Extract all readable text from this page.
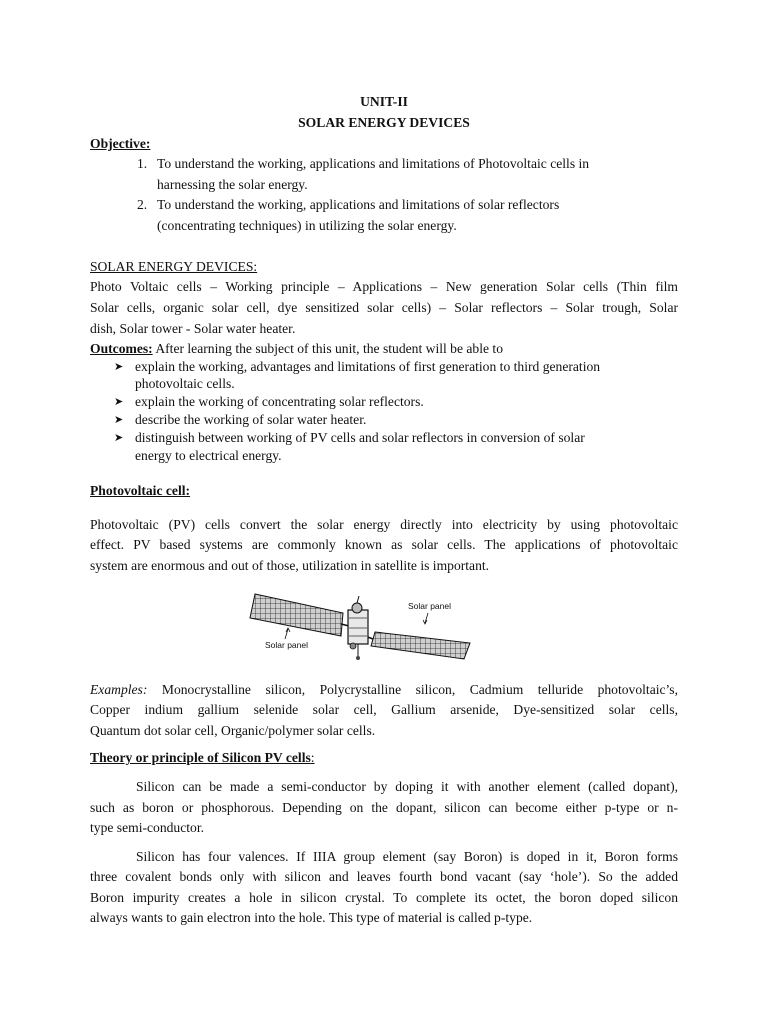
UNIT-II
SOLAR ENERGY DEVICES
Objective:
1. To understand the working, applications and limitations of Photovoltaic cells in
harnessing the solar energy.
2. To understand the working, applications and limitations of solar reflectors
(concentrating techniques) in utilizing the solar energy.
SOLAR ENERGY DEVICES:
Photo Voltaic cells – Working principle – Applications – New generation Solar cells (Thin film
Solar cells, organic solar cell, dye sensitized solar cells) – Solar reflectors – Solar trough, Solar
dish, Solar tower - Solar water heater.
Outcomes: After learning the subject of this unit, the student will be able to
➤ explain the working, advantages and limitations of first generation to third generation
photovoltaic cells.
➤ explain the working of concentrating solar reflectors.
➤ describe the working of solar water heater.
➤ distinguish between working of PV cells and solar reflectors in conversion of solar
energy to electrical energy.
Photovoltaic cell:
Photovoltaic (PV) cells convert the solar energy directly into electricity by using photovoltaic
effect. PV based systems are commonly known as solar cells. The applications of photovoltaic
system are enormous and out of those, utilization in satellite is important.
Solar panel
Solar panel
Examples: Monocrystalline silicon, Polycrystalline silicon, Cadmium telluride photovoltaic’s,
Copper indium gallium selenide solar cell, Gallium arsenide, Dye-sensitized solar cells,
Quantum dot solar cell, Organic/polymer solar cells.
Theory or principle of Silicon PV cells:
Silicon can be made a semi-conductor by doping it with another element (called dopant),
such as boron or phosphorous. Depending on the dopant, silicon can become either p-type or n-
type semi-conductor.
Silicon has four valences. If IIIA group element (say Boron) is doped in it, Boron forms
three covalent bonds only with silicon and leaves fourth bond vacant (say ‘hole’). So the added
Boron impurity creates a hole in silicon crystal. To complete its octet, the boron doped silicon
always wants to gain electron into the hole. This type of material is called p-type.
